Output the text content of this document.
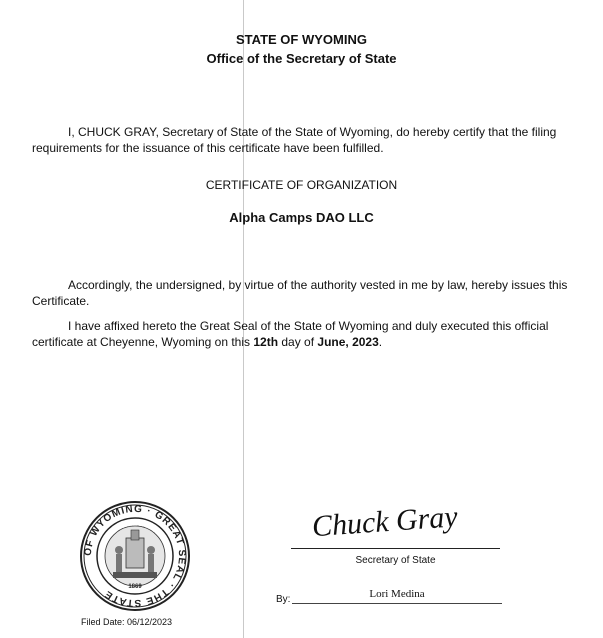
STATE OF WYOMING
Office of the Secretary of State
I, CHUCK GRAY, Secretary of State of the State of Wyoming, do hereby certify that the filing requirements for the issuance of this certificate have been fulfilled.
CERTIFICATE OF ORGANIZATION
Alpha Camps DAO LLC
Accordingly, the undersigned, by virtue of the authority vested in me by law, hereby issues this Certificate.
I have affixed hereto the Great Seal of the State of Wyoming and duly executed this official certificate at Cheyenne, Wyoming on this 12th day of June, 2023.
OF WYOMING · GREAT SEAL · THE STATE
1869
Chuck Gray
Secretary of State
By:	Lori Medina
Filed Date: 06/12/2023
